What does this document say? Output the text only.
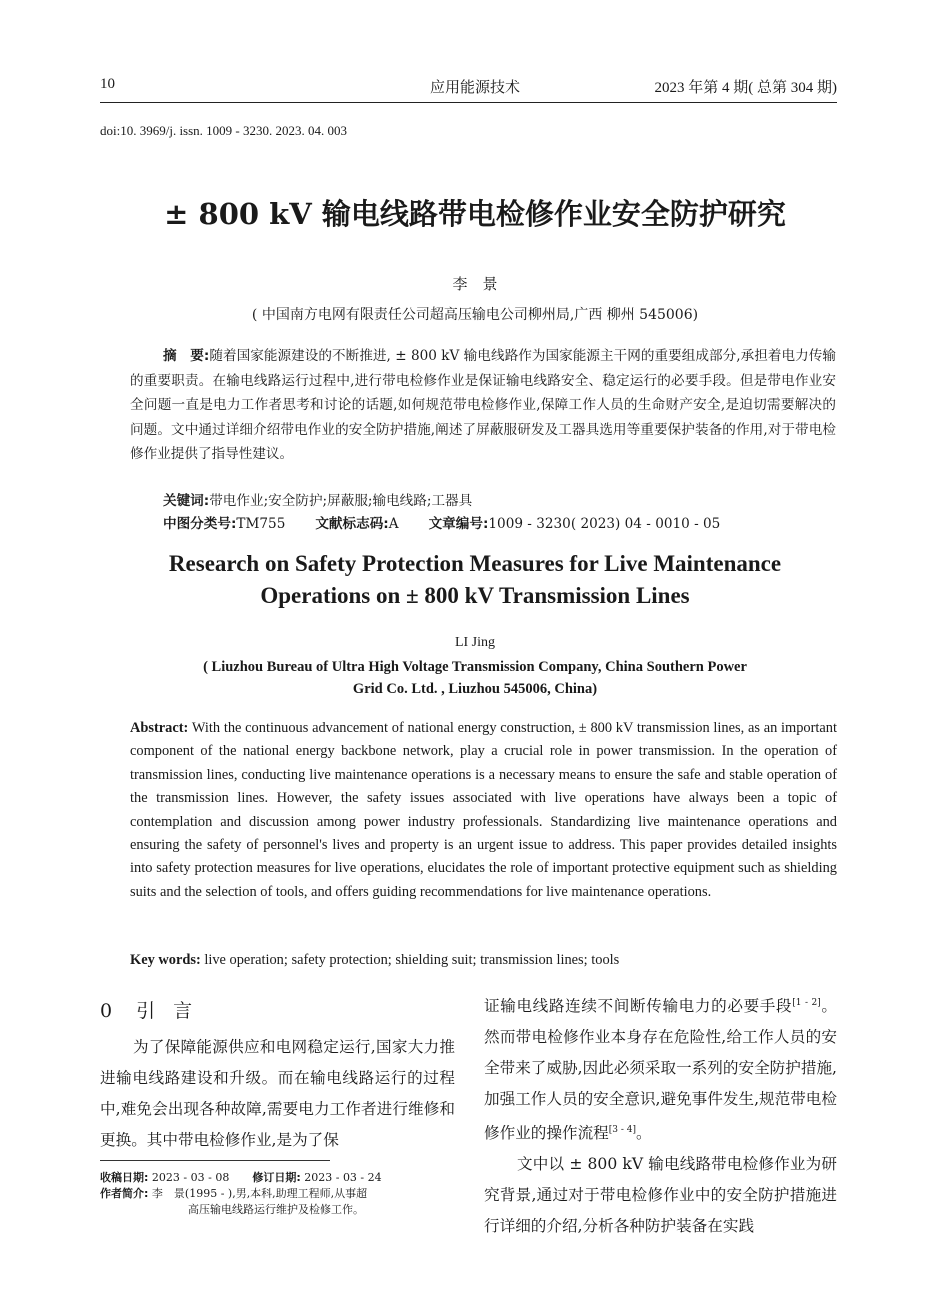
10	应用能源技术	2023 年第 4 期( 总第 304 期)
doi:10. 3969/j. issn. 1009 - 3230. 2023. 04. 003
± 800 kV 输电线路带电检修作业安全防护研究
李　景
( 中国南方电网有限责任公司超高压输电公司柳州局,广西 柳州 545006)
摘　要:随着国家能源建设的不断推进, ± 800 kV 输电线路作为国家能源主干网的重要组成部分,承担着电力传输的重要职责。在输电线路运行过程中,进行带电检修作业是保证输电线路安全、稳定运行的必要手段。但是带电作业安全问题一直是电力工作者思考和讨论的话题,如何规范带电检修作业,保障工作人员的生命财产安全,是迫切需要解决的问题。文中通过详细介绍带电作业的安全防护措施,阐述了屏蔽服研发及工器具选用等重要保护装备的作用,对于带电检修作业提供了指导性建议。
关键词:带电作业;安全防护;屏蔽服;输电线路;工器具
中图分类号:TM755 文献标志码:A 文章编号:1009 - 3230( 2023) 04 - 0010 - 05
Research on Safety Protection Measures for Live Maintenance
Operations on ± 800 kV Transmission Lines
LI Jing
( Liuzhou Bureau of Ultra High Voltage Transmission Company, China Southern Power
Grid Co. Ltd. , Liuzhou 545006, China)
Abstract: With the continuous advancement of national energy construction, ± 800 kV transmission lines, as an important component of the national energy backbone network, play a crucial role in power transmission. In the operation of transmission lines, conducting live maintenance operations is a necessary means to ensure the safe and stable operation of the transmission lines. However, the safety issues associated with live operations have always been a topic of contemplation and discussion among power industry professionals. Standardizing live maintenance operations and ensuring the safety of personnel's lives and property is an urgent issue to address. This paper provides detailed insights into safety protection measures for live operations, elucidates the role of important protective equipment such as shielding suits and the selection of tools, and offers guiding recommendations for live maintenance operations.
Key words: live operation; safety protection; shielding suit; transmission lines; tools
0 引言
为了保障能源供应和电网稳定运行,国家大力推进输电线路建设和升级。而在输电线路运行的过程中,难免会出现各种故障,需要电力工作者进行维修和更换。其中带电检修作业,是为了保
收稿日期: 2023 - 03 - 08 修订日期: 2023 - 03 - 24
作者简介: 李　景(1995 - ),男,本科,助理工程师,从事超
高压输电线路运行维护及检修工作。
证输电线路连续不间断传输电力的必要手段[1 - 2]。然而带电检修作业本身存在危险性,给工作人员的安全带来了威胁,因此必须采取一系列的安全防护措施,加强工作人员的安全意识,避免事件发生,规范带电检修作业的操作流程[3 - 4]。
文中以 ± 800 kV 输电线路带电检修作业为研究背景,通过对于带电检修作业中的安全防护措施进行详细的介绍,分析各种防护装备在实践
